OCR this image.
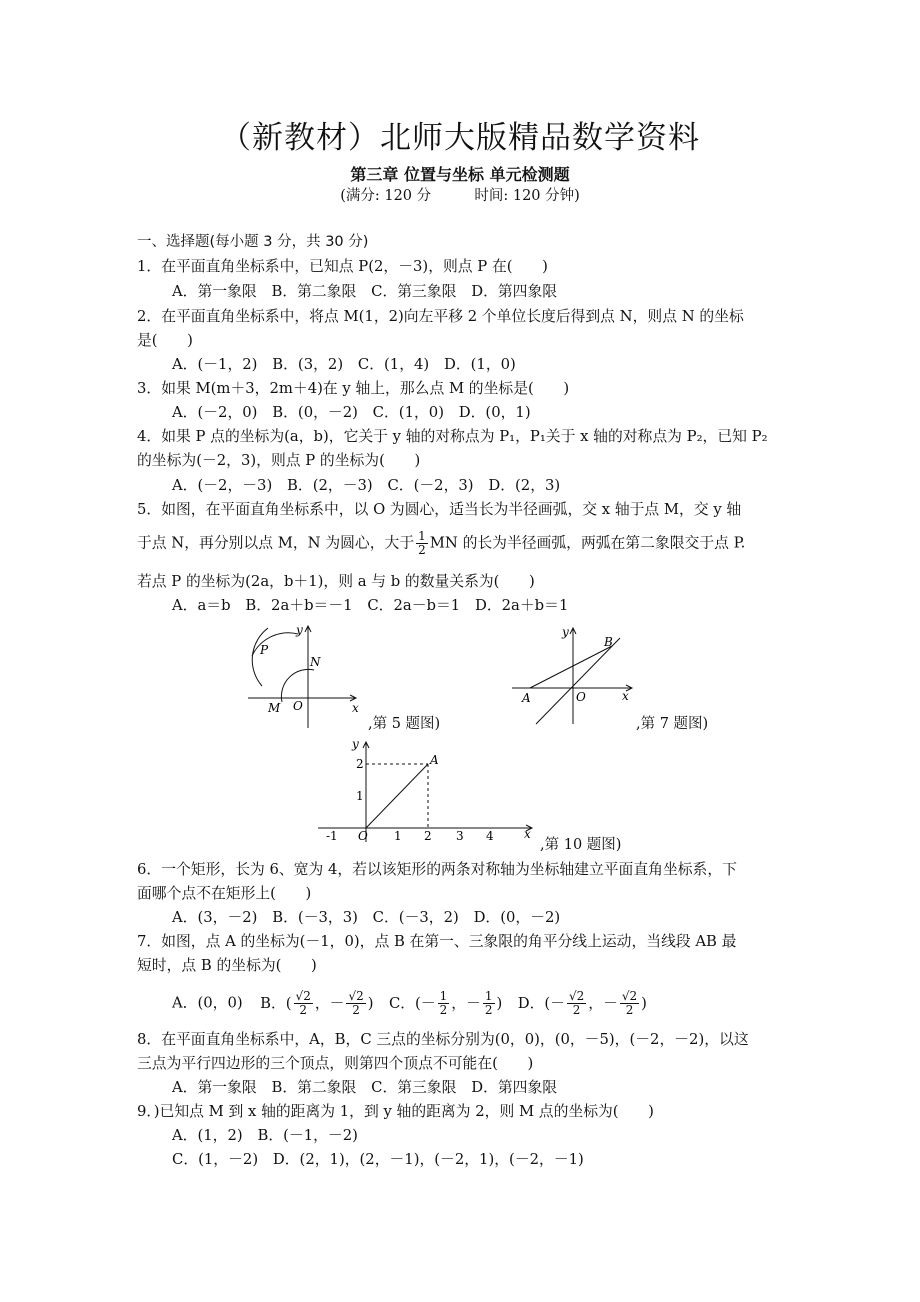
（新教材）北师大版精品数学资料
第三章 位置与坐标 单元检测题
(满分: 120 分	时间: 120 分钟)
一、选择题(每小题 3 分，共 30 分)
1．在平面直角坐标系中，已知点 P(2，－3)，则点 P 在(　　)
A．第一象限　B．第二象限　C．第三象限　D．第四象限
2．在平面直角坐标系中，将点 M(1，2)向左平移 2 个单位长度后得到点 N，则点 N 的坐标
是(　　)
A．(－1，2)　B．(3，2)　C．(1，4)　D．(1，0)
3．如果 M(m＋3，2m＋4)在 y 轴上，那么点 M 的坐标是(　　)
A．(－2，0)　B．(0，－2)　C．(1，0)　D．(0，1)
4．如果 P 点的坐标为(a，b)，它关于 y 轴的对称点为 P₁，P₁关于 x 轴的对称点为 P₂，已知 P₂
的坐标为(－2，3)，则点 P 的坐标为(　　)
A．(－2，－3)　B．(2，－3)　C．(－2，3)　D．(2，3)
5．如图，在平面直角坐标系中，以 O 为圆心，适当长为半径画弧，交 x 轴于点 M，交 y 轴
于点 N，再分别以点 M，N 为圆心，大于 $\frac{1}{2}$ MN 的长为半径画弧，两弧在第二象限交于点 P.
若点 P 的坐标为(2a，b＋1)，则 a 与 b 的数量关系为(　　)
A．a＝b　B．2a＋b＝－1　C．2a－b＝1　D．2a＋b＝1
y
x
P
N
M O
,第 5 题图)
y
x
A
B
O
,第 7 题图)
y
x
A
O
-1	1 2 3 4
1
2
,第 10 题图)
6．一个矩形，长为 6、宽为 4，若以该矩形的两条对称轴为坐标轴建立平面直角坐标系，下
面哪个点不在矩形上(　　)
A．(3，－2)　B．(－3，3)　C．(－3，2)　D．(0，－2)
7．如图，点 A 的坐标为(－1，0)，点 B 在第一、三象限的角平分线上运动，当线段 AB 最
短时，点 B 的坐标为(　　)
A．(0，0) B．( $\frac{√2}{2}$ ，－ $\frac{√2}{2}$ ) C．(－ $\frac{1}{2}$ ，－ $\frac{1}{2}$ ) D．(－ $\frac{√2}{2}$ ，－ $\frac{√2}{2}$ )
8．在平面直角坐标系中，A，B，C 三点的坐标分别为(0，0)，(0，－5)，(－2，－2)，以这
三点为平行四边形的三个顶点，则第四个顶点不可能在(　　)
A．第一象限　B．第二象限　C．第三象限　D．第四象限
9．)已知点 M 到 x 轴的距离为 1，到 y 轴的距离为 2，则 M 点的坐标为(　　)
A．(1，2)　B．(－1，－2)
C．(1，－2)　D．(2，1)，(2，－1)，(－2，1)，(－2，－1)
